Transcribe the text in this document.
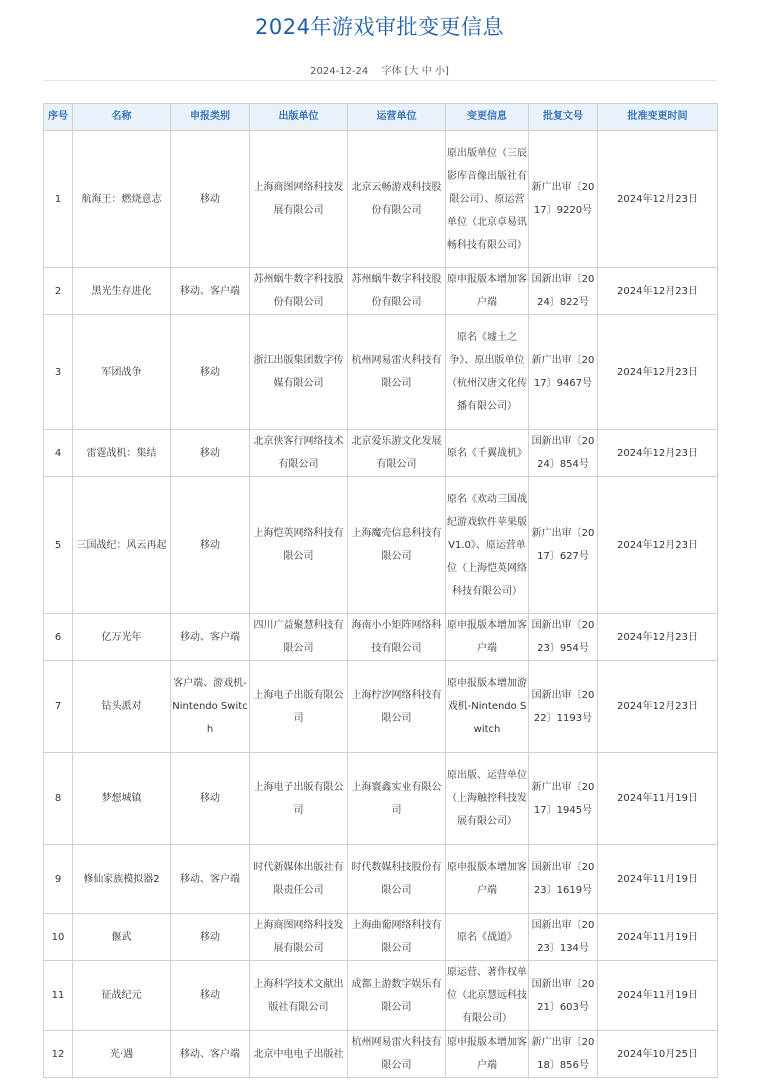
2024年游戏审批变更信息
2024-12-24 字体 [大 中 小]
序号	名称	申报类别	出版单位	运营单位	变更信息	批复文号	批准变更时间
1	航海王：燃烧意志	移动	上海商图网络科技发展有限公司	北京云畅游戏科技股份有限公司	原出版单位（三辰影库音像出版社有限公司）、原运营单位（北京卓易讯畅科技有限公司）	新广出审〔2017〕9220号	2024年12月23日
2	黑光生存进化	移动、客户端	苏州蜗牛数字科技股份有限公司	苏州蜗牛数字科技股份有限公司	原申报版本增加客户端	国新出审〔2024〕822号	2024年12月23日
3	军团战争	移动	浙江出版集团数字传媒有限公司	杭州网易雷火科技有限公司	原名《墟土之争》、原出版单位（杭州汉唐文化传播有限公司）	新广出审〔2017〕9467号	2024年12月23日
4	雷霆战机：集结	移动	北京侠客行网络技术有限公司	北京爱乐游文化发展有限公司	原名《千翼战机》	国新出审〔2024〕854号	2024年12月23日
5	三国战纪：风云再起	移动	上海恺英网络科技有限公司	上海魔壳信息科技有限公司	原名《欢动三国战纪游戏软件苹果版V1.0》、原运营单位（上海恺英网络科技有限公司）	新广出审〔2017〕627号	2024年12月23日
6	亿万光年	移动、客户端	四川广益聚慧科技有限公司	海南小小矩阵网络科技有限公司	原申报版本增加客户端	国新出审〔2023〕954号	2024年12月23日
7	钻头派对	客户端、游戏机-Nintendo Switch	上海电子出版有限公司	上海柠汐网络科技有限公司	原申报版本增加游戏机-Nintendo Switch	国新出审〔2022〕1193号	2024年12月23日
8	梦想城镇	移动	上海电子出版有限公司	上海寰鑫实业有限公司	原出版、运营单位（上海触控科技发展有限公司）	新广出审〔2017〕1945号	2024年11月19日
9	修仙家族模拟器2	移动、客户端	时代新媒体出版社有限责任公司	时代数媒科技股份有限公司	原申报版本增加客户端	国新出审〔2023〕1619号	2024年11月19日
10	偃武	移动	上海商图网络科技发展有限公司	上海曲葡网络科技有限公司	原名《战道》	国新出审〔2023〕134号	2024年11月19日
11	征战纪元	移动	上海科学技术文献出版社有限公司	成都上游数字娱乐有限公司	原运营、著作权单位（北京慧远科技有限公司）	国新出审〔2021〕603号	2024年11月19日
12	光·遇	移动、客户端	北京中电电子出版社	杭州网易雷火科技有限公司	原申报版本增加客户端	新广出审〔2018〕856号	2024年10月25日
